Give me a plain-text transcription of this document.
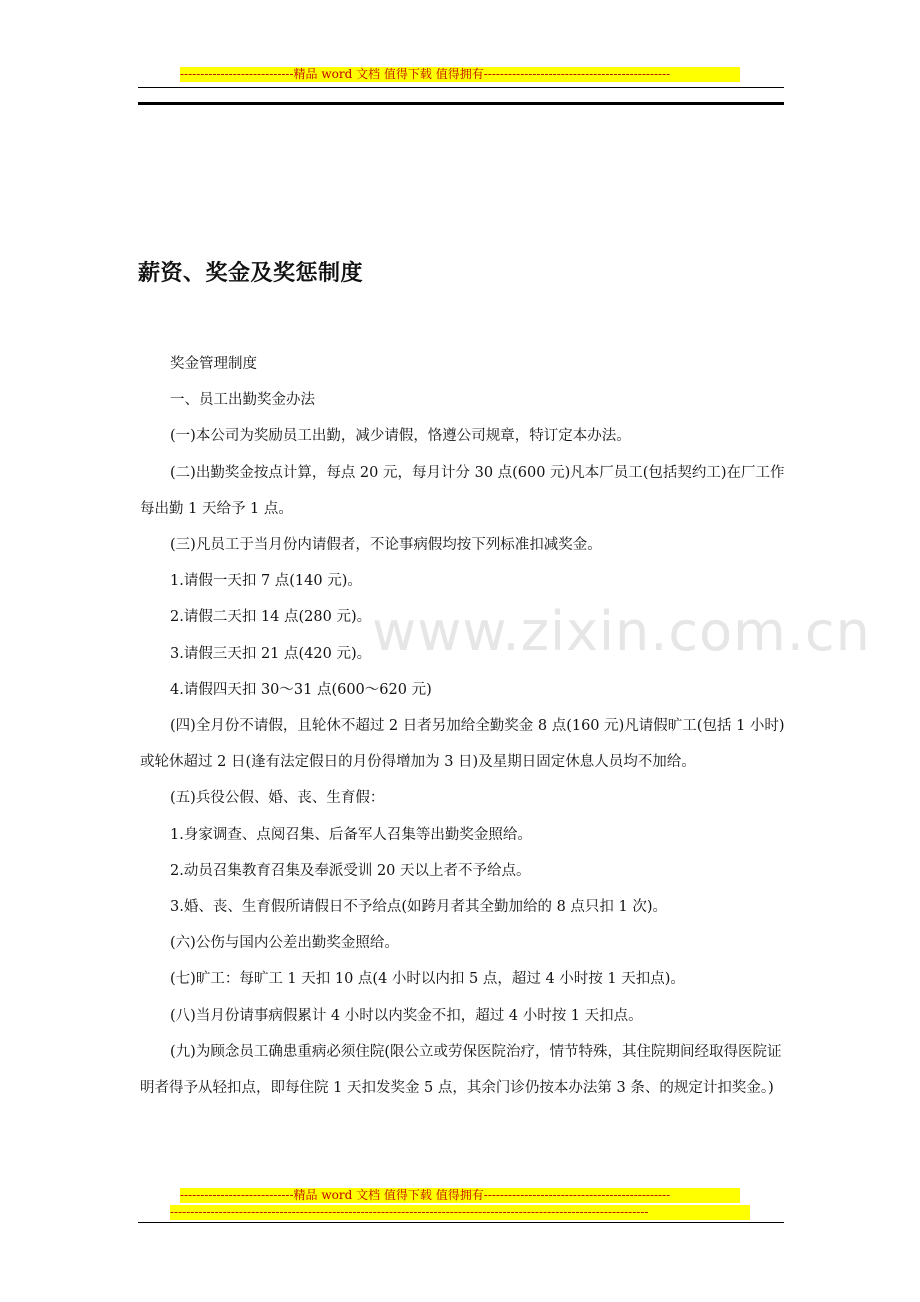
----------------------------精品 word 文档 值得下载 值得拥有----------------------------------------------
www.zixin.com.cn
薪资、奖金及奖惩制度

奖金管理制度

一、员工出勤奖金办法

(一)本公司为奖励员工出勤，减少请假，恪遵公司规章，特订定本办法。

(二)出勤奖金按点计算，每点 20 元，每月计分 30 点(600 元)凡本厂员工(包括契约工)在厂工作每出勤 1 天给予 1 点。

(三)凡员工于当月份内请假者，不论事病假均按下列标准扣减奖金。

1.请假一天扣 7 点(140 元)。

2.请假二天扣 14 点(280 元)。

3.请假三天扣 21 点(420 元)。

4.请假四天扣 30～31 点(600～620 元)

(四)全月份不请假，且轮休不超过 2 日者另加给全勤奖金 8 点(160 元)凡请假旷工(包括 1 小时)或轮休超过 2 日(逢有法定假日的月份得增加为 3 日)及星期日固定休息人员均不加给。

(五)兵役公假、婚、丧、生育假：

1.身家调查、点阅召集、后备军人召集等出勤奖金照给。

2.动员召集教育召集及奉派受训 20 天以上者不予给点。

3.婚、丧、生育假所请假日不予给点(如跨月者其全勤加给的 8 点只扣 1 次)。

(六)公伤与国内公差出勤奖金照给。

(七)旷工：每旷工 1 天扣 10 点(4 小时以内扣 5 点，超过 4 小时按 1 天扣点)。

(八)当月份请事病假累计 4 小时以内奖金不扣，超过 4 小时按 1 天扣点。

(九)为顾念员工确患重病必须住院(限公立或劳保医院治疗，情节特殊，其住院期间经取得医院证明者得予从轻扣点，即每住院 1 天扣发奖金 5 点，其余门诊仍按本办法第 3 条、的规定计扣奖金。)

----------------------------精品 word 文档 值得下载 值得拥有----------------------------------------------
----------------------------------------------------------------------------------------------------------------------
